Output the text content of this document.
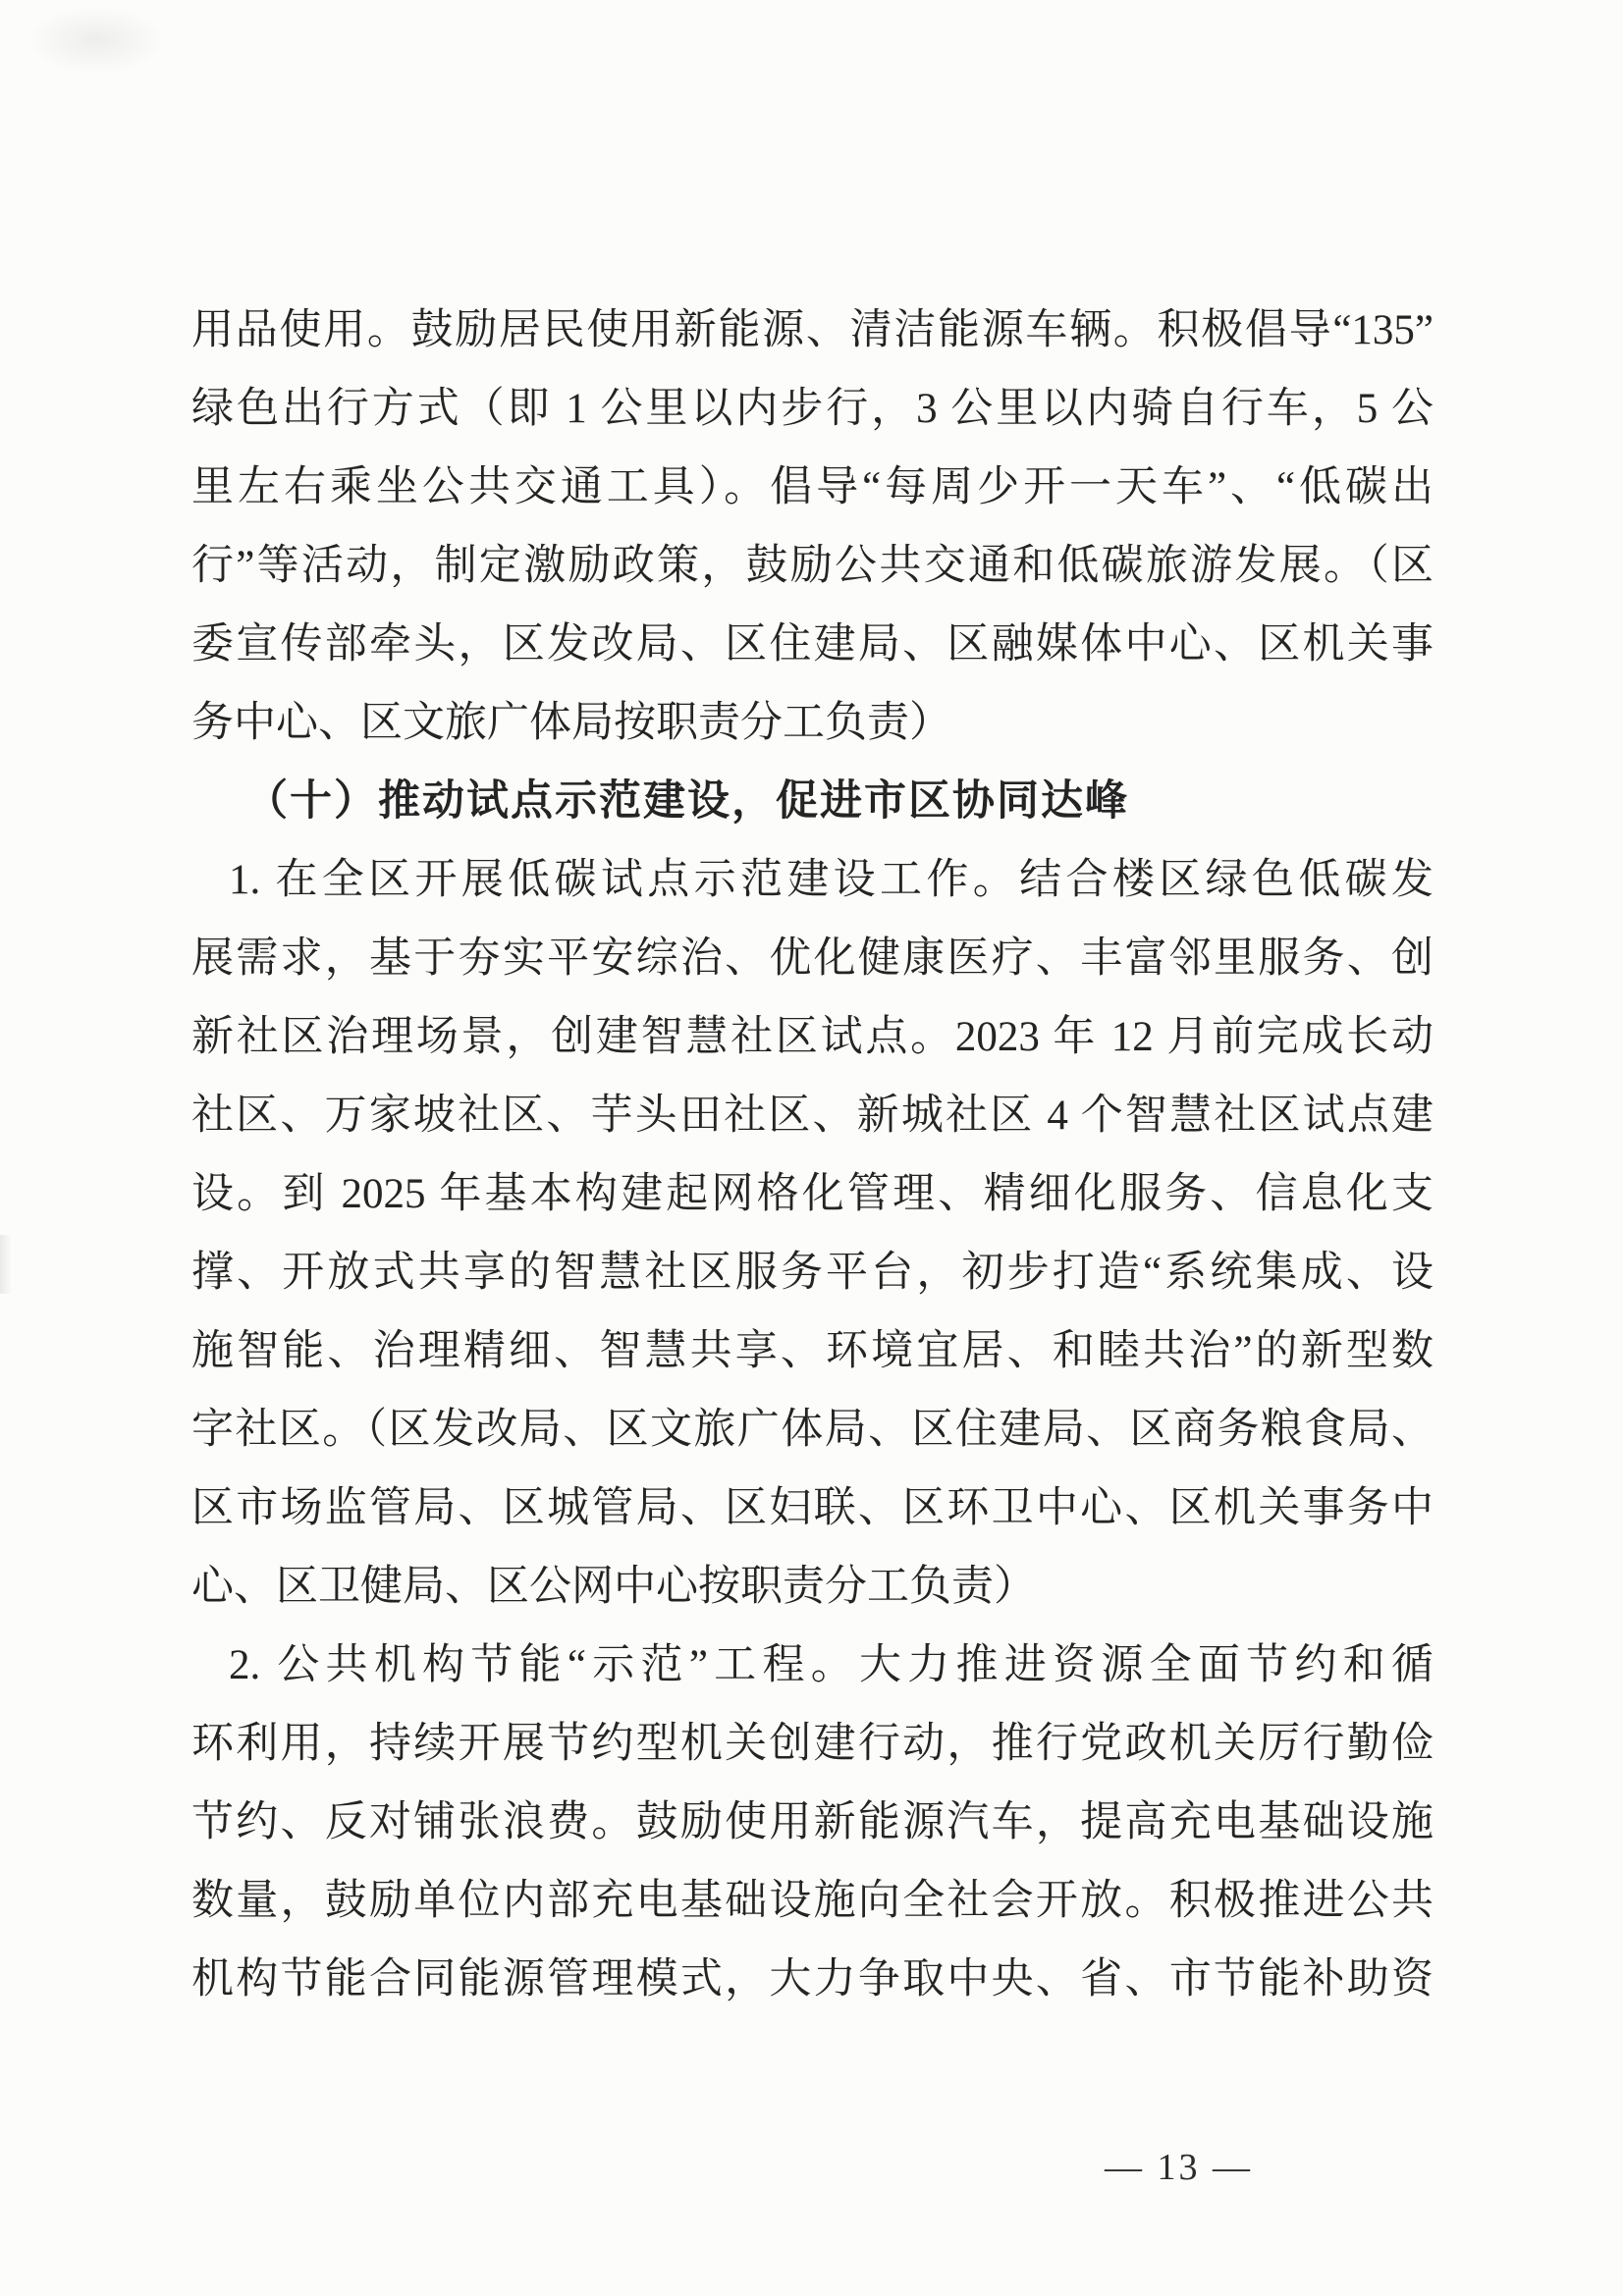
用品使用。鼓励居民使用新能源、清洁能源车辆。积极倡导“135”
绿色出行方式（即 1 公里以内步行，3 公里以内骑自行车，5 公
里左右乘坐公共交通工具）。倡导“每周少开一天车”、“低碳出
行”等活动，制定激励政策，鼓励公共交通和低碳旅游发展。（区
委宣传部牵头，区发改局、区住建局、区融媒体中心、区机关事
务中心、区文旅广体局按职责分工负责）
（十）推动试点示范建设，促进市区协同达峰
1. 在全区开展低碳试点示范建设工作。结合楼区绿色低碳发
展需求，基于夯实平安综治、优化健康医疗、丰富邻里服务、创
新社区治理场景，创建智慧社区试点。2023 年 12 月前完成长动
社区、万家坡社区、芋头田社区、新城社区 4 个智慧社区试点建
设。到 2025 年基本构建起网格化管理、精细化服务、信息化支
撑、开放式共享的智慧社区服务平台，初步打造“系统集成、设
施智能、治理精细、智慧共享、环境宜居、和睦共治”的新型数
字社区。（区发改局、区文旅广体局、区住建局、区商务粮食局、
区市场监管局、区城管局、区妇联、区环卫中心、区机关事务中
心、区卫健局、区公网中心按职责分工负责）
2. 公共机构节能“示范”工程。大力推进资源全面节约和循
环利用，持续开展节约型机关创建行动，推行党政机关厉行勤俭
节约、反对铺张浪费。鼓励使用新能源汽车，提高充电基础设施
数量，鼓励单位内部充电基础设施向全社会开放。积极推进公共
机构节能合同能源管理模式，大力争取中央、省、市节能补助资
— 13 —
